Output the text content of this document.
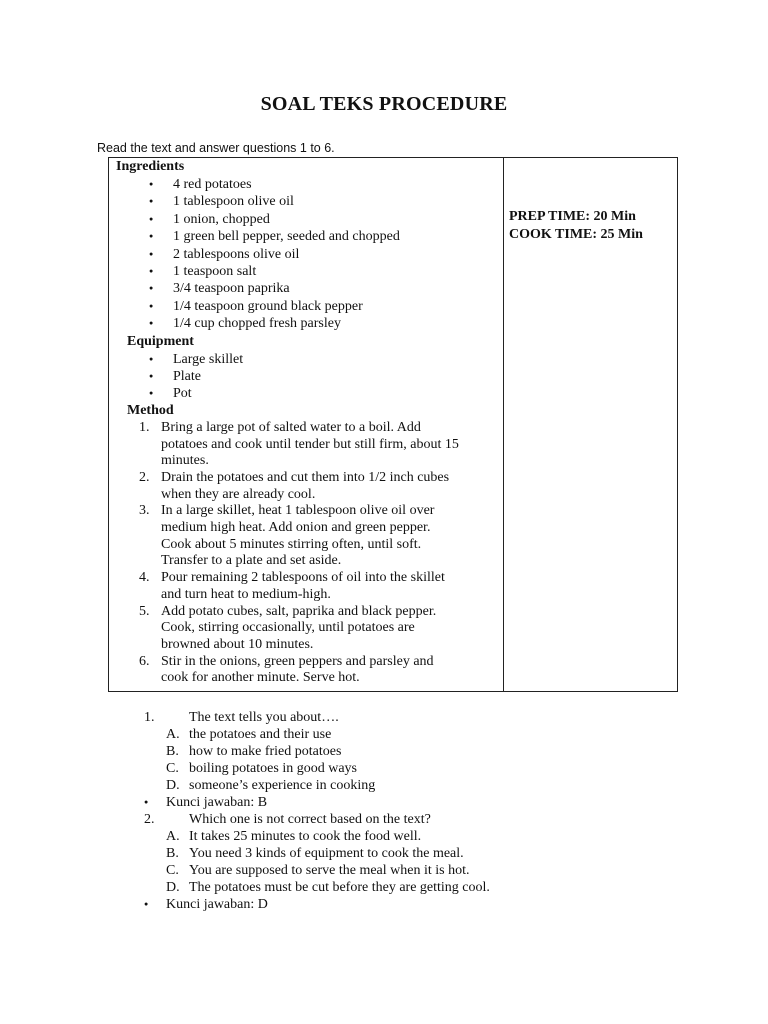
SOAL TEKS PROCEDURE
Read the text and answer questions 1 to 6.
Ingredients
● 4 red potatoes
● 1 tablespoon olive oil
● 1 onion, chopped
● 1 green bell pepper, seeded and chopped
● 2 tablespoons olive oil
● 1 teaspoon salt
● 3/4 teaspoon paprika
● 1/4 teaspoon ground black pepper
● 1/4 cup chopped fresh parsley
Equipment
● Large skillet
● Plate
● Pot
Method
1. Bring a large pot of salted water to a boil. Add
potatoes and cook until tender but still firm, about 15
minutes.
2. Drain the potatoes and cut them into 1/2 inch cubes
when they are already cool.
3. In a large skillet, heat 1 tablespoon olive oil over
medium high heat. Add onion and green pepper.
Cook about 5 minutes stirring often, until soft.
Transfer to a plate and set aside.
4. Pour remaining 2 tablespoons of oil into the skillet
and turn heat to medium-high.
5. Add potato cubes, salt, paprika and black pepper.
Cook, stirring occasionally, until potatoes are
browned about 10 minutes.
6. Stir in the onions, green peppers and parsley and
cook for another minute. Serve hot.
PREP TIME: 20 Min
COOK TIME: 25 Min
1. The text tells you about….
A. the potatoes and their use
B. how to make fried potatoes
C. boiling potatoes in good ways
D. someone’s experience in cooking
● Kunci jawaban: B
2. Which one is not correct based on the text?
A. It takes 25 minutes to cook the food well.
B. You need 3 kinds of equipment to cook the meal.
C. You are supposed to serve the meal when it is hot.
D. The potatoes must be cut before they are getting cool.
● Kunci jawaban: D
